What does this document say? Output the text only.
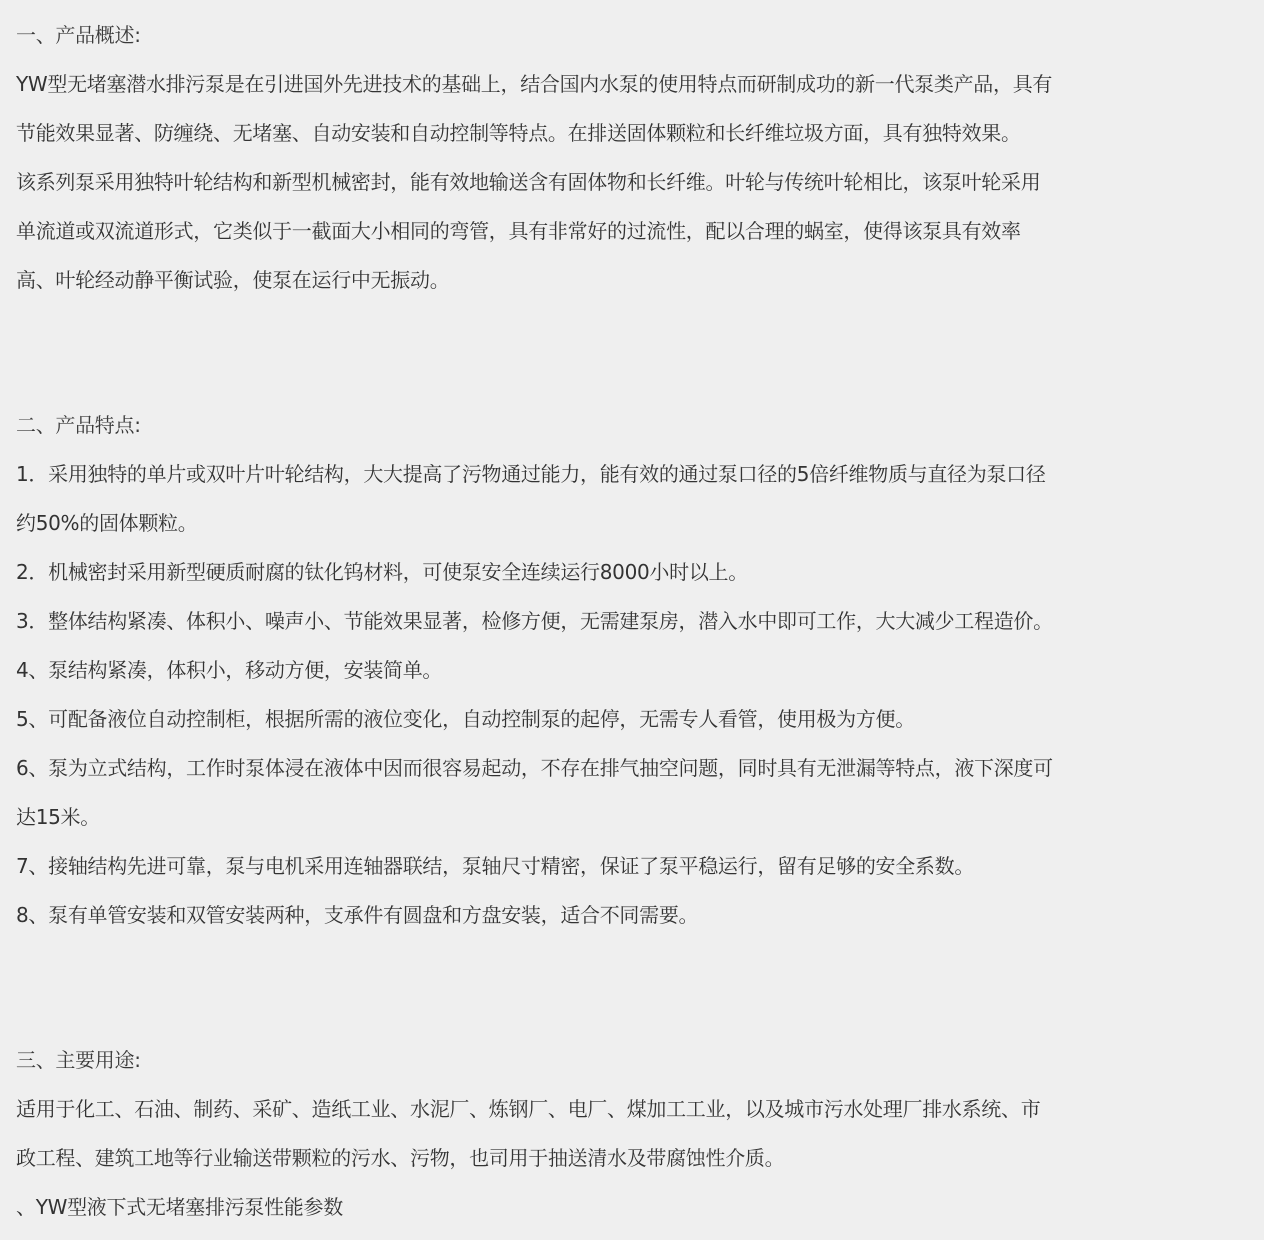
一、产品概述:
YW型无堵塞潜水排污泵是在引进国外先进技术的基础上，结合国内水泵的使用特点而研制成功的新一代泵类产品，具有
节能效果显著、防缠绕、无堵塞、自动安装和自动控制等特点。在排送固体颗粒和长纤维垃圾方面，具有独特效果。
该系列泵采用独特叶轮结构和新型机械密封，能有效地输送含有固体物和长纤维。叶轮与传统叶轮相比，该泵叶轮采用
单流道或双流道形式，它类似于一截面大小相同的弯管，具有非常好的过流性，配以合理的蜗室，使得该泵具有效率
高、叶轮经动静平衡试验，使泵在运行中无振动。
二、产品特点:
1．采用独特的单片或双叶片叶轮结构，大大提高了污物通过能力，能有效的通过泵口径的5倍纤维物质与直径为泵口径
约50%的固体颗粒。
2．机械密封采用新型硬质耐腐的钛化钨材料，可使泵安全连续运行8000小时以上。
3．整体结构紧凑、体积小、噪声小、节能效果显著，检修方便，无需建泵房，潜入水中即可工作，大大减少工程造价。
4、泵结构紧凑，体积小，移动方便，安装简单。
5、可配备液位自动控制柜，根据所需的液位变化，自动控制泵的起停，无需专人看管，使用极为方便。
6、泵为立式结构，工作时泵体浸在液体中因而很容易起动，不存在排气抽空问题，同时具有无泄漏等特点，液下深度可
达15米。
7、接轴结构先进可靠，泵与电机采用连轴器联结，泵轴尺寸精密，保证了泵平稳运行，留有足够的安全系数。
8、泵有单管安装和双管安装两种，支承件有圆盘和方盘安装，适合不同需要。
三、主要用途:
适用于化工、石油、制药、采矿、造纸工业、水泥厂、炼钢厂、电厂、煤加工工业，以及城市污水处理厂排水系统、市
政工程、建筑工地等行业输送带颗粒的污水、污物，也司用于抽送清水及带腐蚀性介质。
、YW型液下式无堵塞排污泵性能参数
